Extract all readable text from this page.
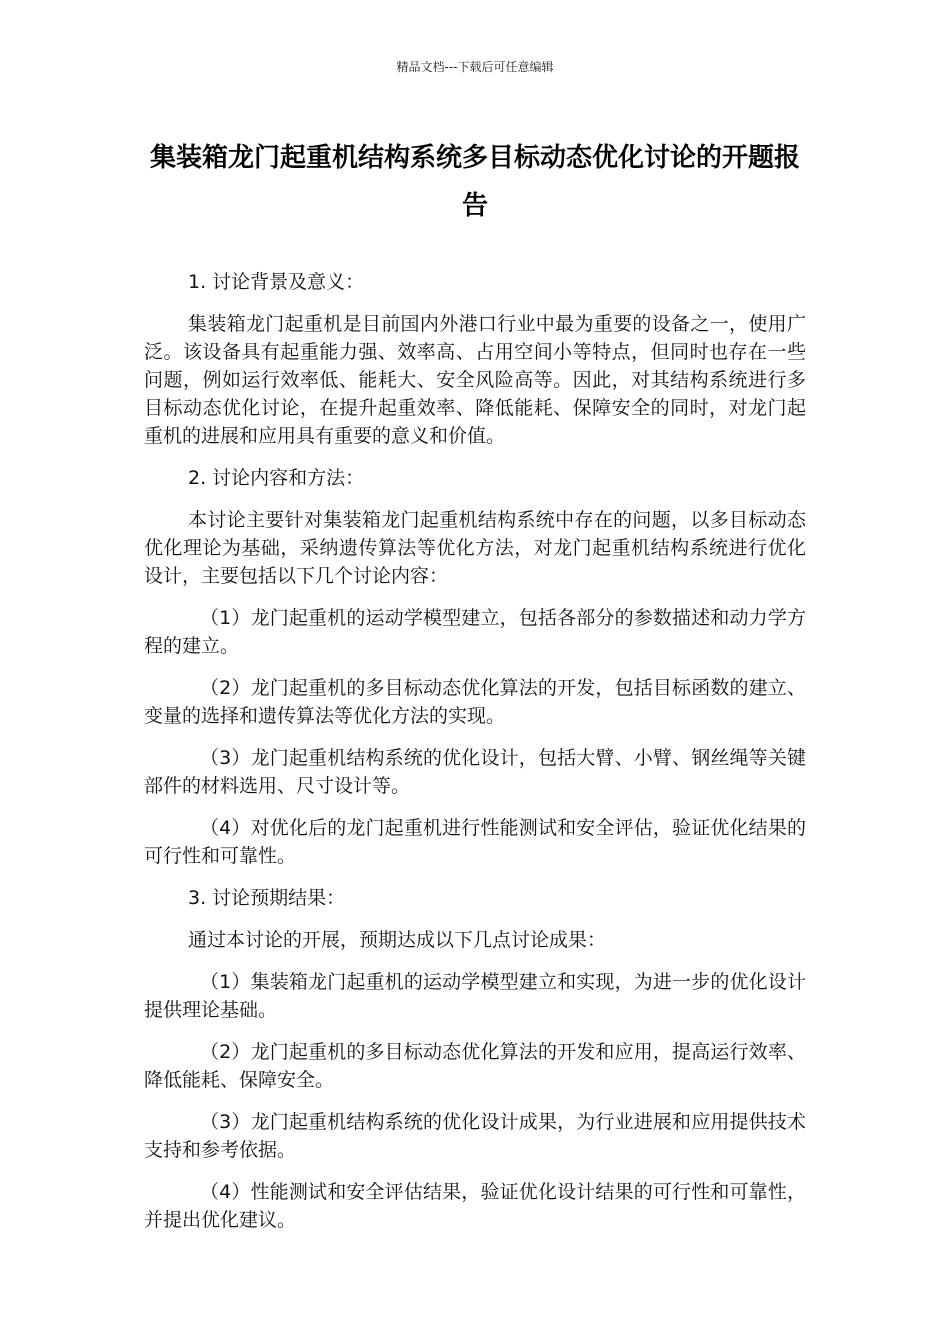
精品文档---下载后可任意编辑
集装箱龙门起重机结构系统多目标动态优化讨论的开题报告
1. 讨论背景及意义：
集装箱龙门起重机是目前国内外港口行业中最为重要的设备之一，使用广泛。该设备具有起重能力强、效率高、占用空间小等特点，但同时也存在一些问题，例如运行效率低、能耗大、安全风险高等。因此，对其结构系统进行多目标动态优化讨论，在提升起重效率、降低能耗、保障安全的同时，对龙门起重机的进展和应用具有重要的意义和价值。
2. 讨论内容和方法：
本讨论主要针对集装箱龙门起重机结构系统中存在的问题，以多目标动态优化理论为基础，采纳遗传算法等优化方法，对龙门起重机结构系统进行优化设计，主要包括以下几个讨论内容：
（1）龙门起重机的运动学模型建立，包括各部分的参数描述和动力学方程的建立。
（2）龙门起重机的多目标动态优化算法的开发，包括目标函数的建立、变量的选择和遗传算法等优化方法的实现。
（3）龙门起重机结构系统的优化设计，包括大臂、小臂、钢丝绳等关键部件的材料选用、尺寸设计等。
（4）对优化后的龙门起重机进行性能测试和安全评估，验证优化结果的可行性和可靠性。
3. 讨论预期结果：
通过本讨论的开展，预期达成以下几点讨论成果：
（1）集装箱龙门起重机的运动学模型建立和实现，为进一步的优化设计提供理论基础。
（2）龙门起重机的多目标动态优化算法的开发和应用，提高运行效率、降低能耗、保障安全。
（3）龙门起重机结构系统的优化设计成果，为行业进展和应用提供技术支持和参考依据。
（4）性能测试和安全评估结果，验证优化设计结果的可行性和可靠性，并提出优化建议。
